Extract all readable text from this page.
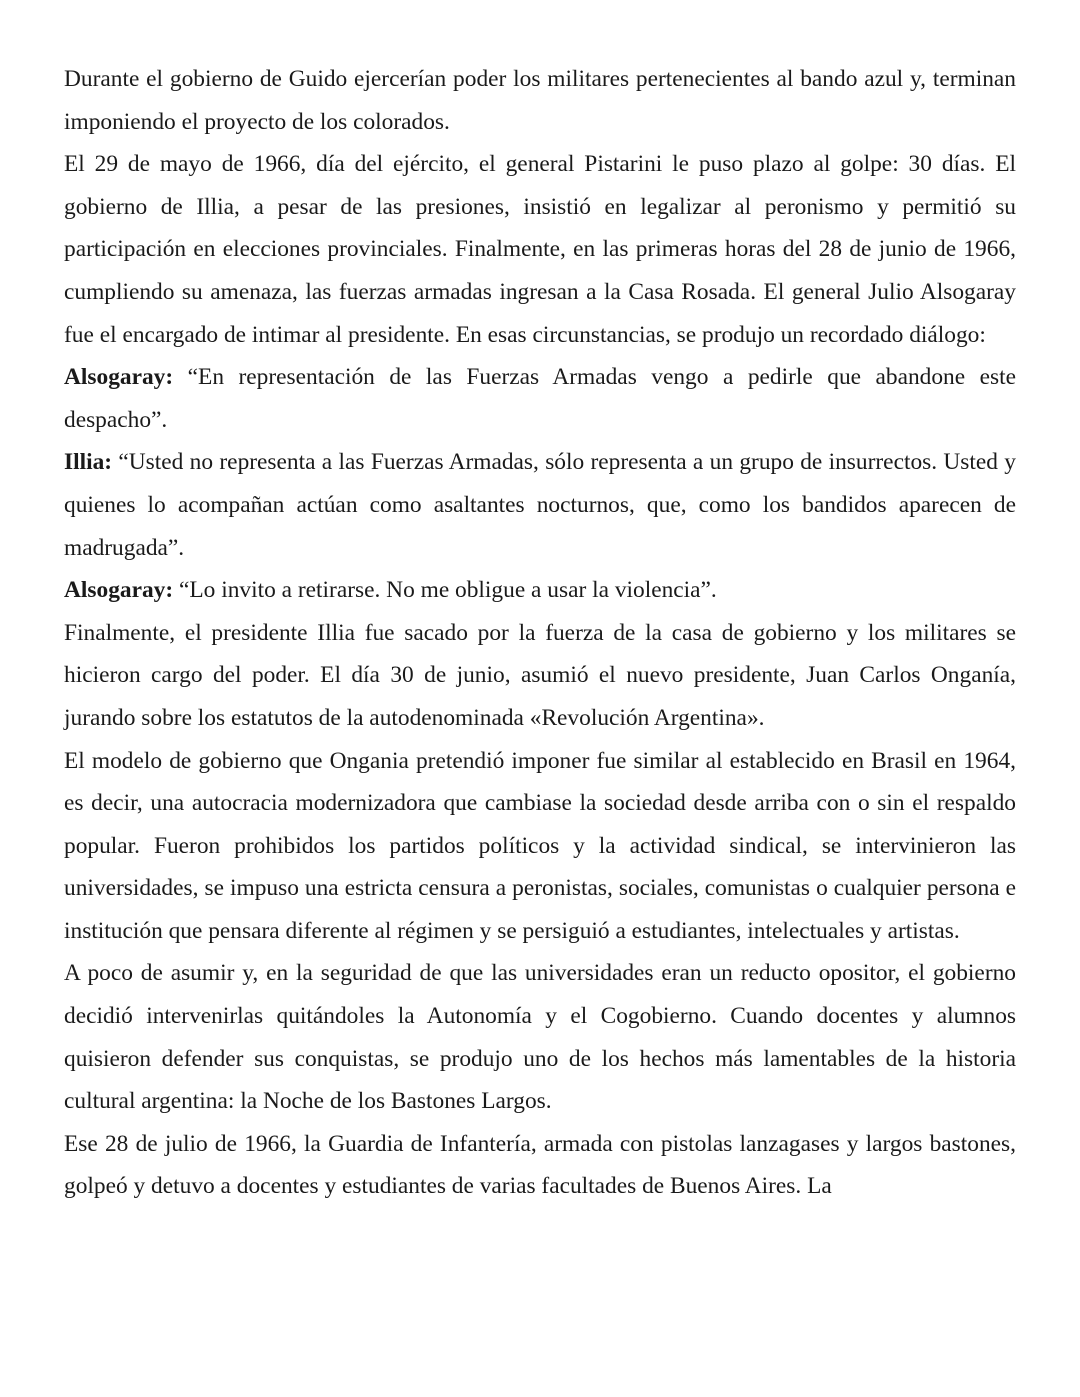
Durante el gobierno de Guido ejercerían poder los militares pertenecientes al bando azul y, terminan imponiendo el proyecto de los colorados.

El 29 de mayo de 1966, día del ejército, el general Pistarini le puso plazo al golpe: 30 días. El gobierno de Illia, a pesar de las presiones, insistió en legalizar al peronismo y permitió su participación en elecciones provinciales. Finalmente, en las primeras horas del 28 de junio de 1966, cumpliendo su amenaza, las fuerzas armadas ingresan a la Casa Rosada. El general Julio Alsogaray fue el encargado de intimar al presidente. En esas circunstancias, se produjo un recordado diálogo:

Alsogaray: “En representación de las Fuerzas Armadas vengo a pedirle que abandone este despacho”.

Illia: “Usted no representa a las Fuerzas Armadas, sólo representa a un grupo de insurrectos. Usted y quienes lo acompañan actúan como asaltantes nocturnos, que, como los bandidos aparecen de madrugada”.

Alsogaray: “Lo invito a retirarse. No me obligue a usar la violencia”.

Finalmente, el presidente Illia fue sacado por la fuerza de la casa de gobierno y los militares se hicieron cargo del poder. El día 30 de junio, asumió el nuevo presidente, Juan Carlos Onganía, jurando sobre los estatutos de la autodenominada «Revolución Argentina».

El modelo de gobierno que Ongania pretendió imponer fue similar al establecido en Brasil en 1964, es decir, una autocracia modernizadora que cambiase la sociedad desde arriba con o sin el respaldo popular. Fueron prohibidos los partidos políticos y la actividad sindical, se intervinieron las universidades, se impuso una estricta censura a peronistas, sociales, comunistas o cualquier persona e institución que pensara diferente al régimen y se persiguió a estudiantes, intelectuales y artistas.

A poco de asumir y, en la seguridad de que las universidades eran un reducto opositor, el gobierno decidió intervenirlas quitándoles la Autonomía y el Cogobierno. Cuando docentes y alumnos quisieron defender sus conquistas, se produjo uno de los hechos más lamentables de la historia cultural argentina: la Noche de los Bastones Largos.

Ese 28 de julio de 1966, la Guardia de Infantería, armada con pistolas lanzagases y largos bastones, golpeó y detuvo a docentes y estudiantes de varias facultades de Buenos Aires. La
